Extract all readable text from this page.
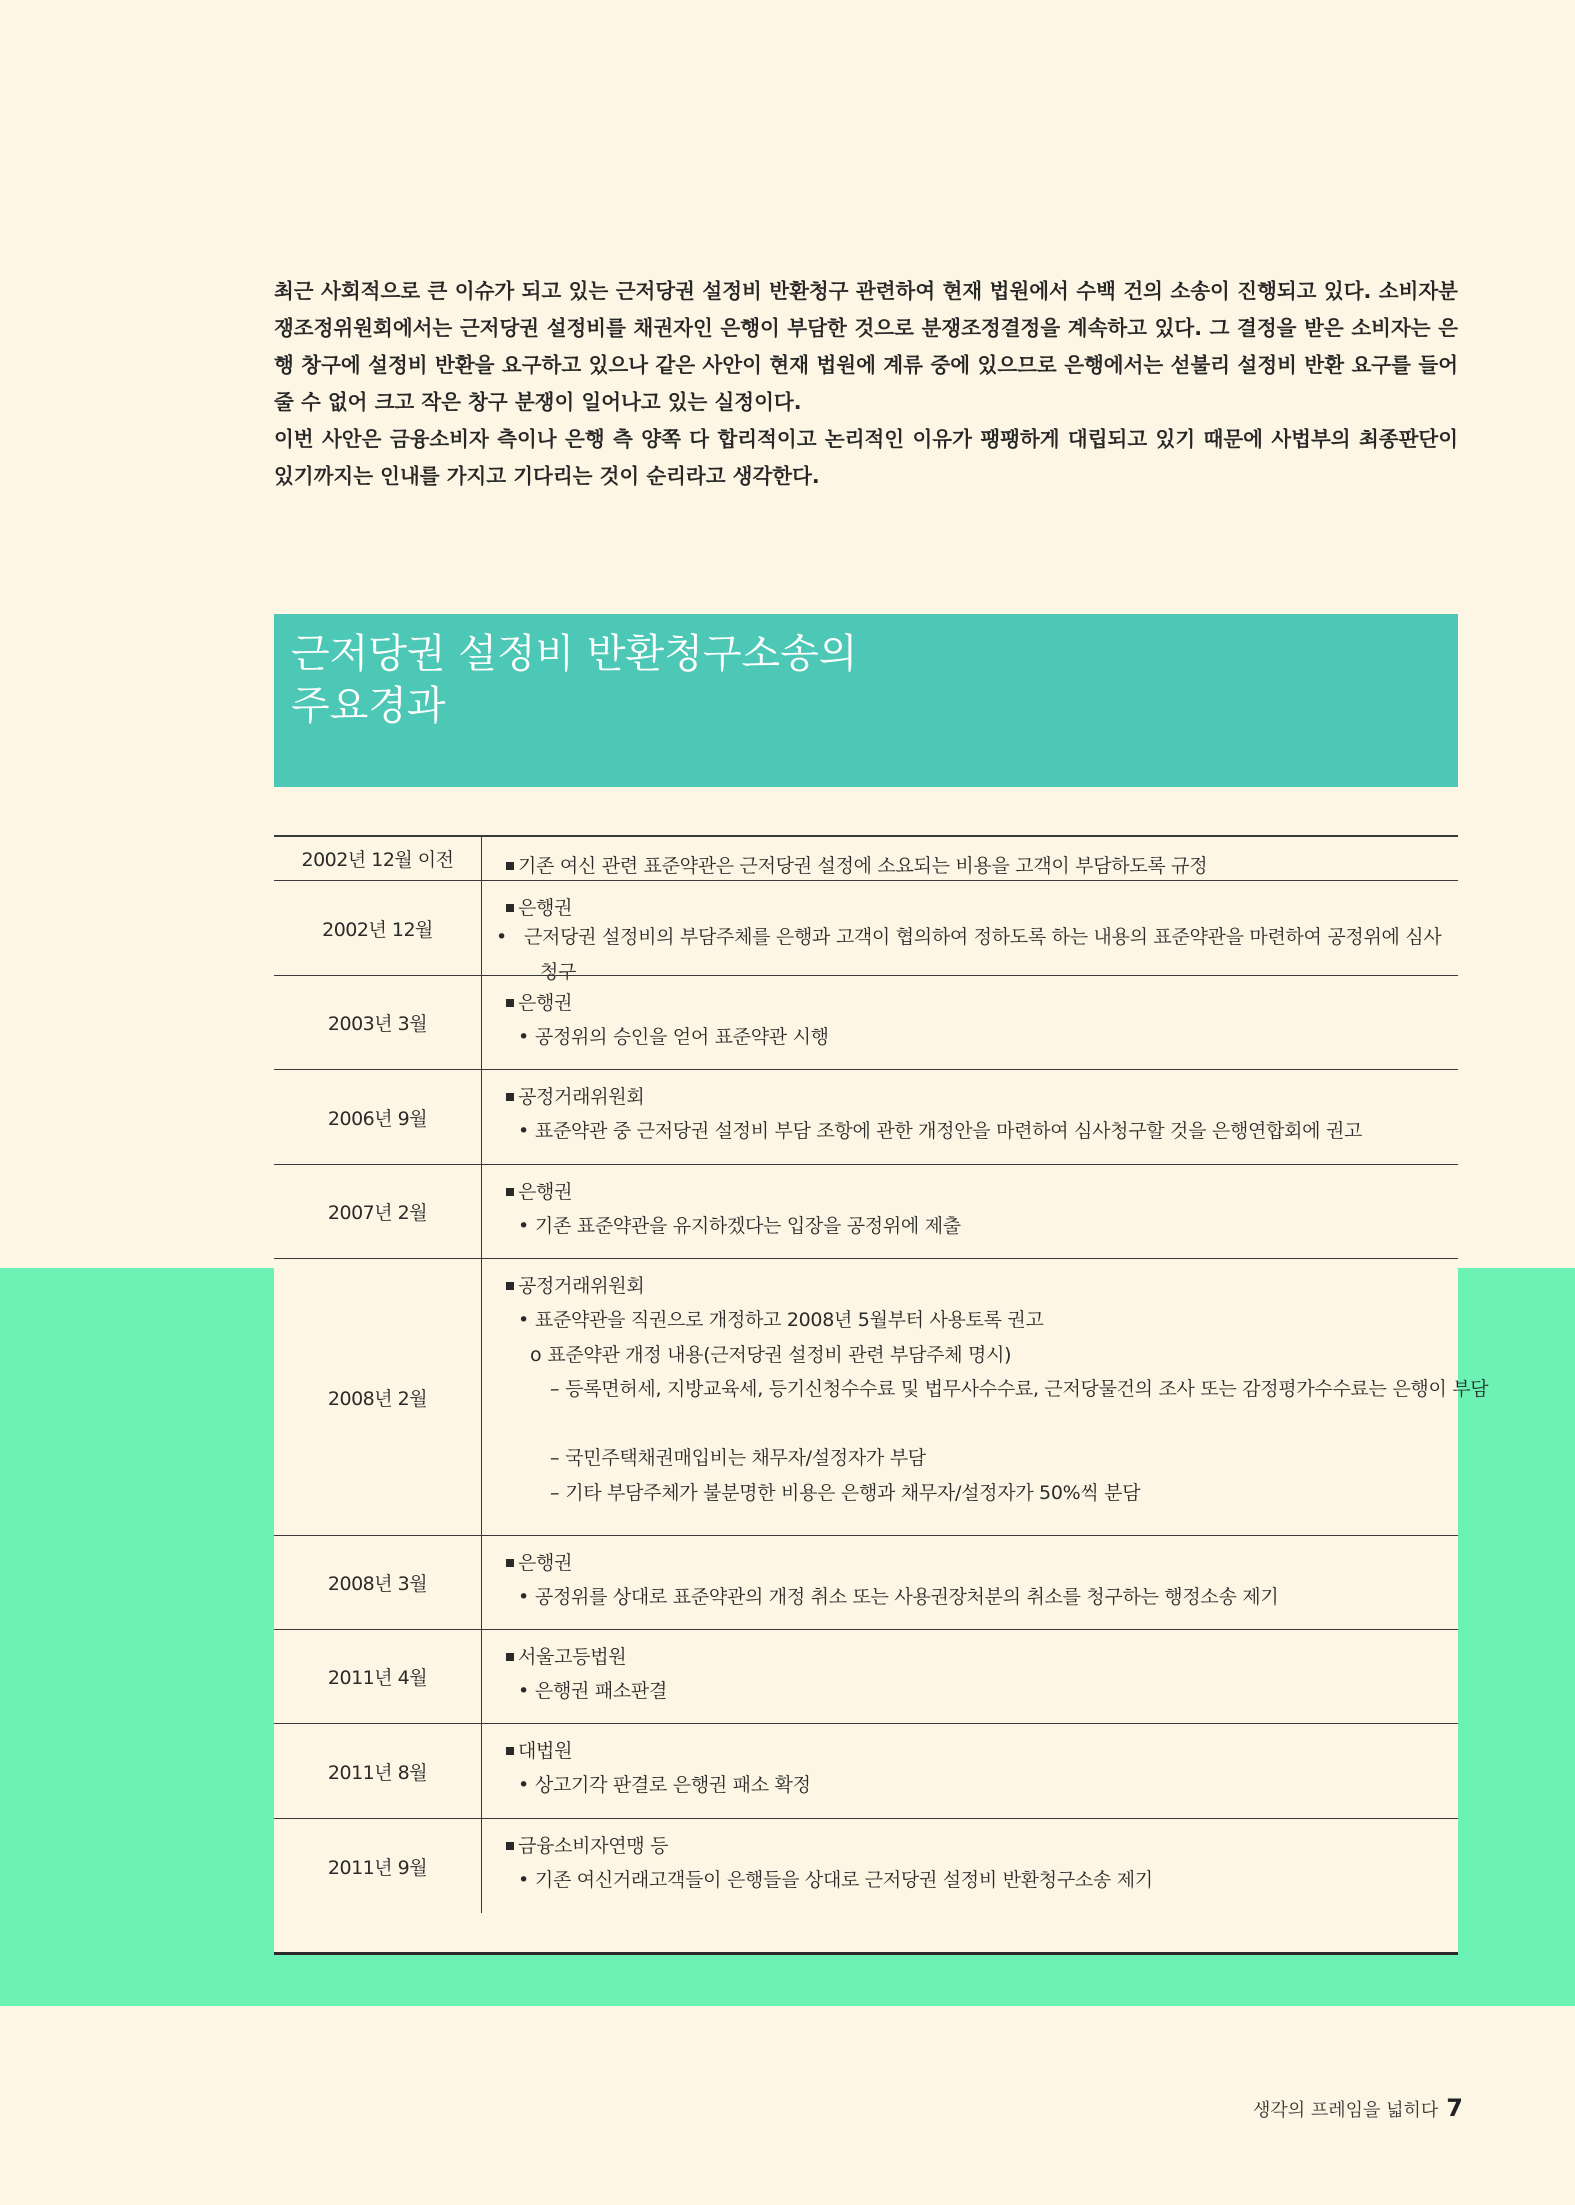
최근 사회적으로 큰 이슈가 되고 있는 근저당권 설정비 반환청구 관련하여 현재 법원에서 수백 건의 소송이 진행되고 있다. 소비자분쟁조정위원회에서는 근저당권 설정비를 채권자인 은행이 부담한 것으로 분쟁조정결정을 계속하고 있다. 그 결정을 받은 소비자는 은행 창구에 설정비 반환을 요구하고 있으나 같은 사안이 현재 법원에 계류 중에 있으므로 은행에서는 섣불리 설정비 반환 요구를 들어 줄 수 없어 크고 작은 창구 분쟁이 일어나고 있는 실정이다.

이번 사안은 금융소비자 측이나 은행 측 양쪽 다 합리적이고 논리적인 이유가 팽팽하게 대립되고 있기 때문에 사법부의 최종판단이 있기까지는 인내를 가지고 기다리는 것이 순리라고 생각한다.

근저당권 설정비 반환청구소송의
주요경과
2002년 12월 이전	기존 여신 관련 표준약관은 근저당권 설정에 소요되는 비용을 고객이 부담하도록 규정
2002년 12월
은행권
• 근저당권 설정비의 부담주체를 은행과 고객이 협의하여 정하도록 하는 내용의 표준약관을 마련하여 공정위에 심사청구
2003년 3월
은행권
• 공정위의 승인을 얻어 표준약관 시행
2006년 9월
공정거래위원회
• 표준약관 중 근저당권 설정비 부담 조항에 관한 개정안을 마련하여 심사청구할 것을 은행연합회에 권고
2007년 2월
은행권
• 기존 표준약관을 유지하겠다는 입장을 공정위에 제출
2008년 2월
공정거래위원회
• 표준약관을 직권으로 개정하고 2008년 5월부터 사용토록 권고
o 표준약관 개정 내용(근저당권 설정비 관련 부담주체 명시)
– 등록면허세, 지방교육세, 등기신청수수료 및 법무사수수료, 근저당물건의 조사 또는 감정평가수수료는 은행이 부담
– 국민주택채권매입비는 채무자/설정자가 부담
– 기타 부담주체가 불분명한 비용은 은행과 채무자/설정자가 50%씩 분담
2008년 3월
은행권
• 공정위를 상대로 표준약관의 개정 취소 또는 사용권장처분의 취소를 청구하는 행정소송 제기
2011년 4월
서울고등법원
• 은행권 패소판결
2011년 8월
대법원
• 상고기각 판결로 은행권 패소 확정
2011년 9월
금융소비자연맹 등
• 기존 여신거래고객들이 은행들을 상대로 근저당권 설정비 반환청구소송 제기
생각의 프레임을 넓히다 7
